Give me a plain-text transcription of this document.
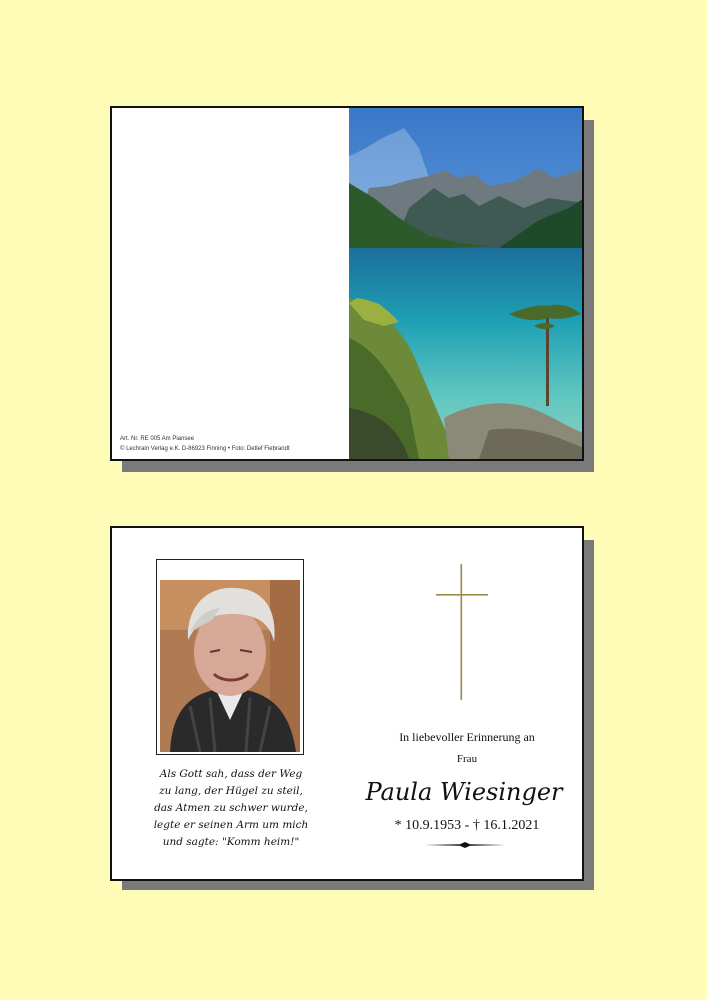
Art. Nr. RE 005 Am Piansee
© Lechrain Verlag e.K. D-86923 Finning • Foto: Detlef Fiebrandt
Als Gott sah, dass der Weg
zu lang, der Hügel zu steil,
das Atmen zu schwer wurde,
legte er seinen Arm um mich
und sagte: "Komm heim!"
In liebevoller Erinnerung an
Frau
Paula Wiesinger
* 10.9.1953 - † 16.1.2021
